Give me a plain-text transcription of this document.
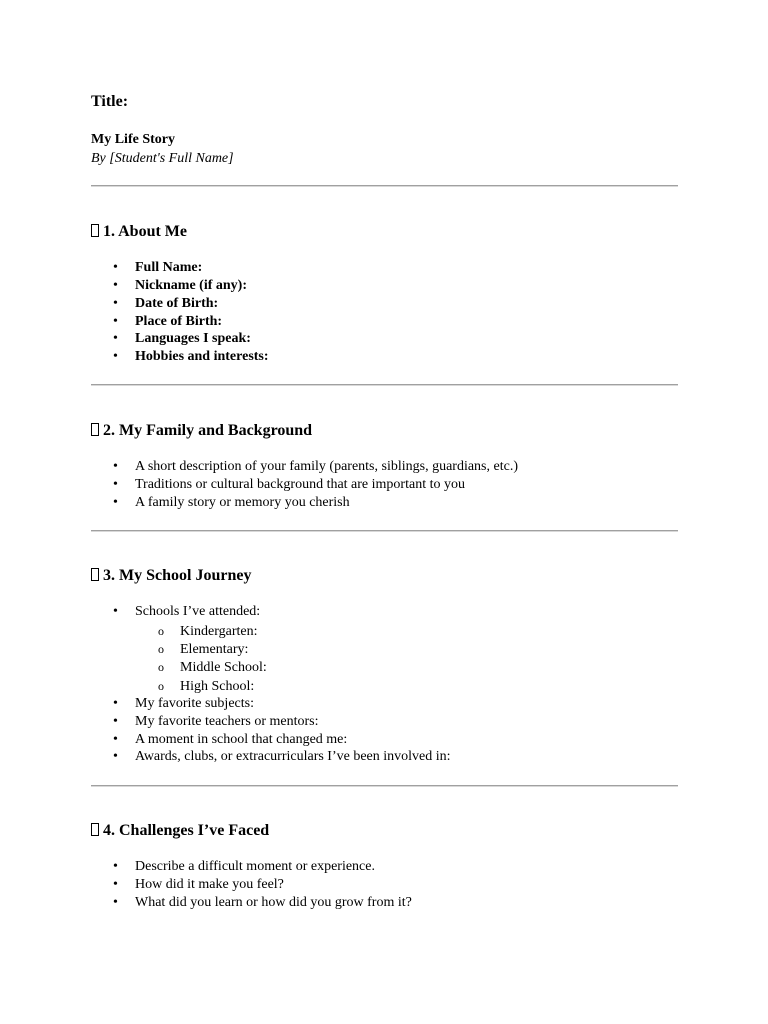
Title:
My Life Story
By [Student's Full Name]
1. About Me
• Full Name:
• Nickname (if any):
• Date of Birth:
• Place of Birth:
• Languages I speak:
• Hobbies and interests:
2. My Family and Background
• A short description of your family (parents, siblings, guardians, etc.)
• Traditions or cultural background that are important to you
• A family story or memory you cherish
3. My School Journey
• Schools I’ve attended:
o Kindergarten:
o Elementary:
o Middle School:
o High School:
• My favorite subjects:
• My favorite teachers or mentors:
• A moment in school that changed me:
• Awards, clubs, or extracurriculars I’ve been involved in:
4. Challenges I’ve Faced
• Describe a difficult moment or experience.
• How did it make you feel?
• What did you learn or how did you grow from it?
